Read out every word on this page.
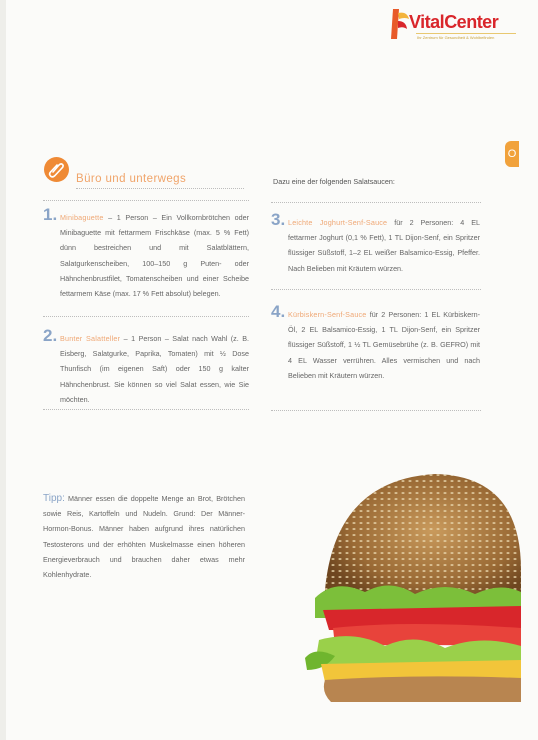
VitalCenter
Ihr Zentrum für Gesundheit & Wohlbefinden
O
Büro und unterwegs	Dazu eine der folgenden Salatsaucen:
1. Minibaguette – 1 Person – Ein Vollkornbrötchen oder Minibaguette mit fettarmem Frischkäse (max. 5 % Fett) dünn bestreichen und mit Salatblättern, Salatgurkenscheiben, 100–150 g Puten- oder Hähnchenbrustfilet, Tomatenscheiben und einer Scheibe fettarmem Käse (max. 17 % Fett absolut) belegen.
2. Bunter Salatteller – 1 Person – Salat nach Wahl (z. B. Eisberg, Salatgurke, Paprika, Tomaten) mit ½ Dose Thunfisch (im eigenen Saft) oder 150 g kalter Hähnchenbrust. Sie können so viel Salat essen, wie Sie möchten.
3. Leichte Joghurt-Senf-Sauce für 2 Personen: 4 EL fettarmer Joghurt (0,1 % Fett), 1 TL Dijon-Senf, ein Spritzer flüssiger Süßstoff, 1–2 EL weißer Balsamico-Essig, Pfeffer. Nach Belieben mit Kräutern würzen.
4. Kürbiskern-Senf-Sauce für 2 Personen: 1 EL Kürbiskern-Öl, 2 EL Balsamico-Essig, 1 TL Dijon-Senf, ein Spritzer flüssiger Süßstoff, 1 ½ TL Gemüsebrühe (z. B. GEFRO) mit 4 EL Wasser verrühren. Alles vermischen und nach Belieben mit Kräutern würzen.
Tipp: Männer essen die doppelte Menge an Brot, Brötchen sowie Reis, Kartoffeln und Nudeln. Grund: Der Männer-Hormon-Bonus. Männer haben aufgrund ihres natürlichen Testosterons und der erhöhten Muskelmasse einen höheren Energieverbrauch und brauchen daher etwas mehr Kohlenhydrate.
